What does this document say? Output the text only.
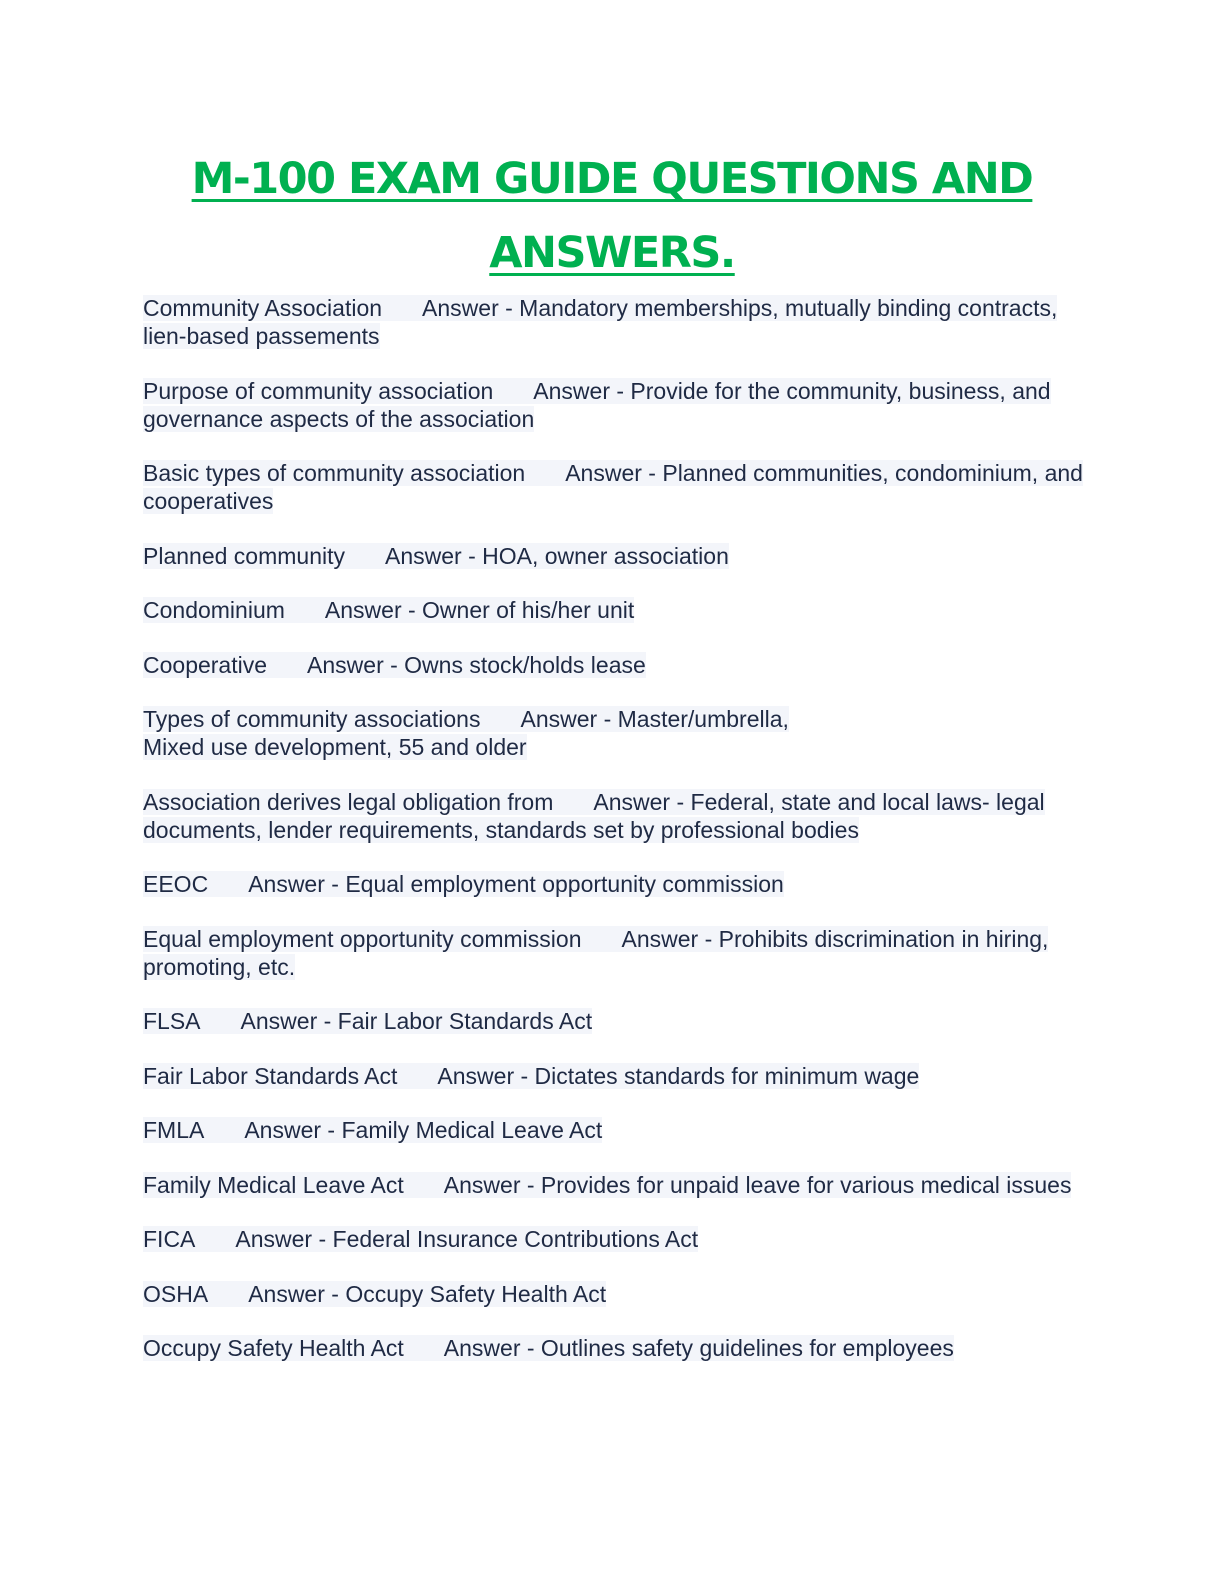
M-100 EXAM GUIDE QUESTIONS AND
ANSWERS.

Community Association Answer - Mandatory memberships, mutually binding contracts, lien-based passements

Purpose of community association Answer - Provide for the community, business, and governance aspects of the association

Basic types of community association Answer - Planned communities, condominium, and cooperatives

Planned community Answer - HOA, owner association

Condominium Answer - Owner of his/her unit

Cooperative Answer - Owns stock/holds lease

Types of community associations Answer - Master/umbrella,
Mixed use development, 55 and older

Association derives legal obligation from Answer - Federal, state and local laws- legal documents, lender requirements, standards set by professional bodies

EEOC Answer - Equal employment opportunity commission

Equal employment opportunity commission Answer - Prohibits discrimination in hiring, promoting, etc.

FLSA Answer - Fair Labor Standards Act

Fair Labor Standards Act Answer - Dictates standards for minimum wage

FMLA Answer - Family Medical Leave Act

Family Medical Leave Act Answer - Provides for unpaid leave for various medical issues

FICA Answer - Federal Insurance Contributions Act

OSHA Answer - Occupy Safety Health Act

Occupy Safety Health Act Answer - Outlines safety guidelines for employees
